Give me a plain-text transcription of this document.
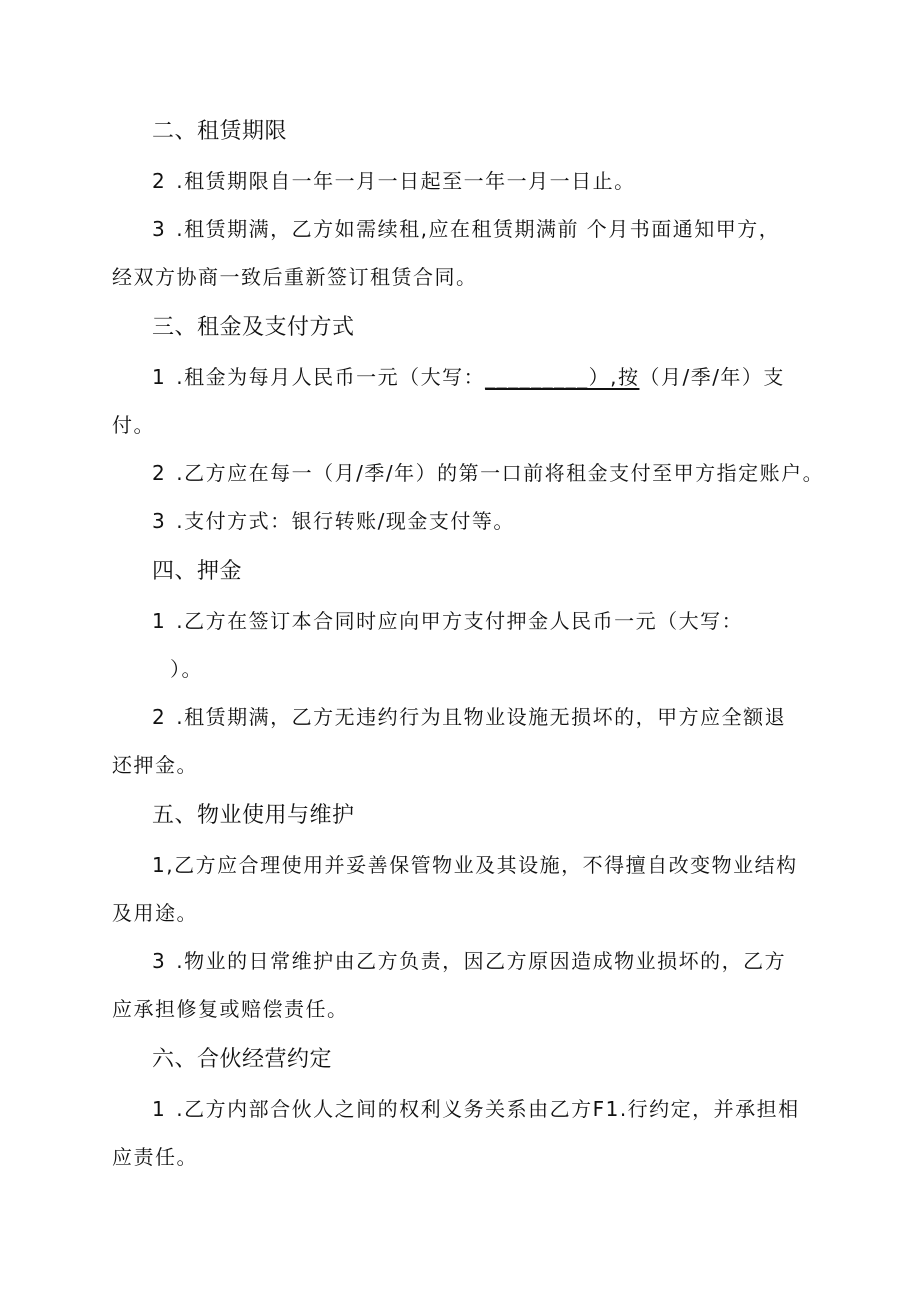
二、租赁期限
2 .租赁期限自一年一月一日起至一年一月一日止。
3 .租赁期满，乙方如需续租,应在租赁期满前 个月书面通知甲方，
经双方协商一致后重新签订租赁合同。
三、租金及支付方式
1 .租金为每月人民币一元（大写：_________）,按（月/季/年）支
付。
2 .乙方应在每一（月/季/年）的第一口前将租金支付至甲方指定账户。
3 .支付方式：银行转账/现金支付等。
四、押金
1 .乙方在签订本合同时应向甲方支付押金人民币一元（大写：
）。
2 .租赁期满，乙方无违约行为且物业设施无损坏的，甲方应全额退
还押金。
五、物业使用与维护
1,乙方应合理使用并妥善保管物业及其设施，不得擅自改变物业结构
及用途。
3 .物业的日常维护由乙方负责，因乙方原因造成物业损坏的，乙方
应承担修复或赔偿责任。
六、合伙经营约定
1 .乙方内部合伙人之间的权利义务关系由乙方F1.行约定，并承担相
应责任。
